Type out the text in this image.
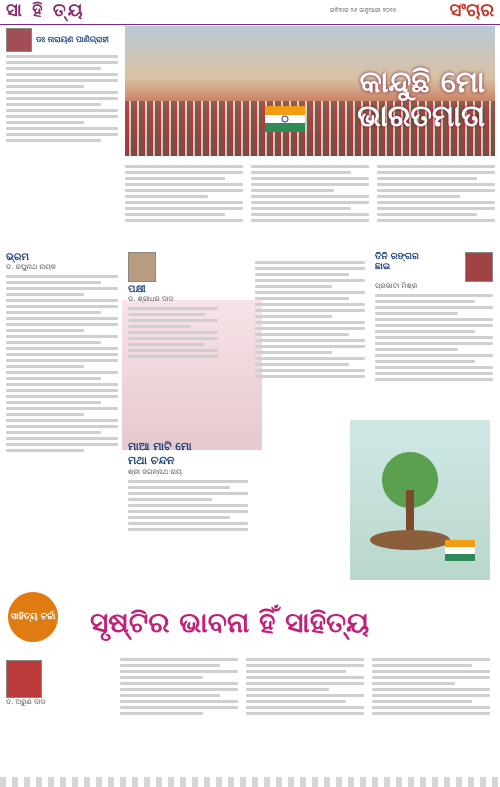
ସା ହି ତ୍ୟ	ରବିବାର ୨୬ ଜାନୁଆରୀ ୨୦୨୫	ସଂଚାର
ଡଃ ନାରାୟଣ ପାଣିଗ୍ରାହୀ
କାନ୍ଦୁଛି ମୋ
ଭାରତମାତା
ଭ୍ରମ
ଡ. ରଘୁନାଥ ନାୟକ
ପକ୍ଷୀ
ଡ. ଶ୍ରୀଧର ଦାସ
ମାଆ ମାଟି ମୋ
ମଥା ଚନ୍ଦନ
ଶ୍ରୀ ଜଗନ୍ନାଥ ରାୟ
ତିନି ରଙ୍ଗର
ଛାଇ
ପ୍ରଭାତୀ ମିଶ୍ର
ସାହିତ୍ୟ ଚର୍ଚ୍ଚା ସୃଷ୍ଟିର ଭାବନା ହିଁ ସାହିତ୍ୟ
ଡ. ଅରୁଣ ଦାସ
